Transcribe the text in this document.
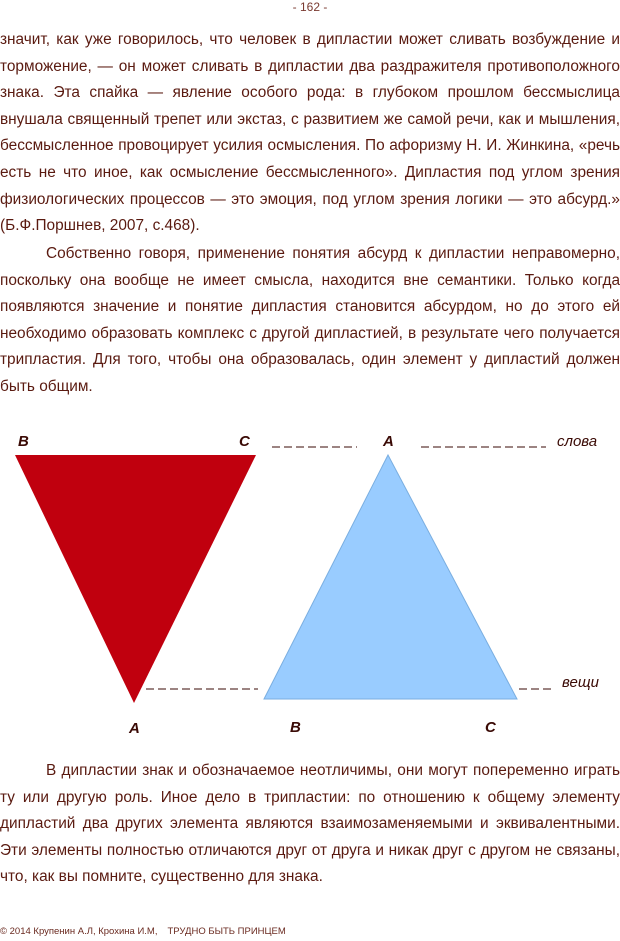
- 162 -

значит, как уже говорилось, что человек в дипластии может сливать возбуждение и торможение, — он может сливать в дипластии два раздражителя противоположного знака. Эта спайка — явление особого рода: в глубоком прошлом бессмыслица внушала священный трепет или экстаз, с развитием же самой речи, как и мышления, бессмысленное провоцирует усилия осмысления. По афоризму Н. И. Жинкина, «речь есть не что иное, как осмысление бессмысленного». Дипластия под углом зрения физиологических процессов — это эмоция, под углом зрения логики — это абсурд.» (Б.Ф.Поршнев, 2007, с.468).

Собственно говоря, применение понятия абсурд к дипластии неправомерно, поскольку она вообще не имеет смысла, находится вне семантики. Только когда появляются значение и понятие дипластия становится абсурдом, но до этого ей необходимо образовать комплекс с другой дипластией, в результате чего получается трипластия. Для того, чтобы она образовалась, один элемент у дипластий должен быть общим.

B	C
A
A
B	C
слова
вещи

В дипластии знак и обозначаемое неотличимы, они могут попеременно играть ту или другую роль. Иное дело в трипластии: по отношению к общему элементу дипластий два других элемента являются взаимозаменяемыми и эквивалентными. Эти элементы полностью отличаются друг от друга и никак друг с другом не связаны, что, как вы помните, существенно для знака.

© 2014 Крупенин А.Л, Крохина И.М, ТРУДНО БЫТЬ ПРИНЦЕМ
